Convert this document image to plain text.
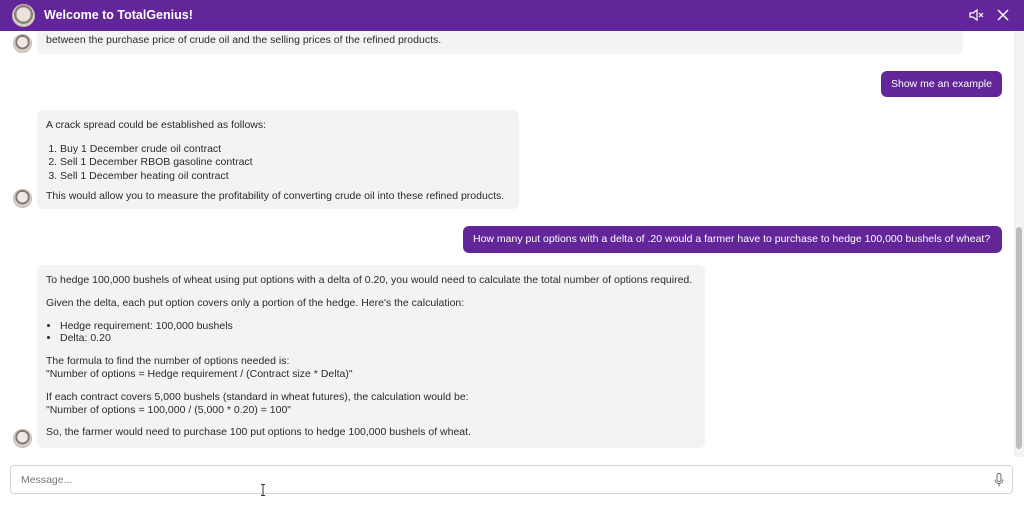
Welcome to TotalGenius!

between the purchase price of crude oil and the selling prices of the refined products.

Show me an example

A crack spread could be established as follows:

1. Buy 1 December crude oil contract
2. Sell 1 December RBOB gasoline contract
3. Sell 1 December heating oil contract

This would allow you to measure the profitability of converting crude oil into these refined products.

How many put options with a delta of .20 would a farmer have to purchase to hedge 100,000 bushels of wheat?

To hedge 100,000 bushels of wheat using put options with a delta of 0.20, you would need to calculate the total number of options required.

Given the delta, each put option covers only a portion of the hedge. Here's the calculation:

• Hedge requirement: 100,000 bushels
• Delta: 0.20

The formula to find the number of options needed is:
"Number of options = Hedge requirement / (Contract size * Delta)"

If each contract covers 5,000 bushels (standard in wheat futures), the calculation would be:
"Number of options = 100,000 / (5,000 * 0.20) = 100"

So, the farmer would need to purchase 100 put options to hedge 100,000 bushels of wheat.

Message...
